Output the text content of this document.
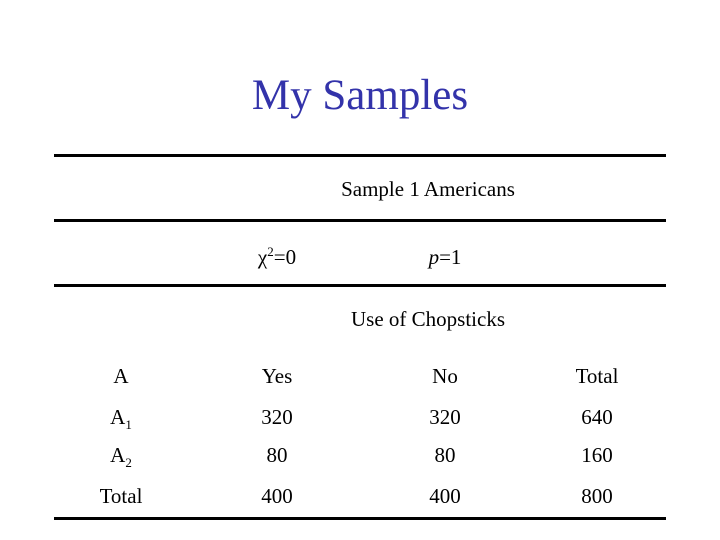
My Samples
Sample 1 Americans
$\chi^2=0$	p=1
Use of Chopsticks
A	Yes	No	Total
$A_1$	320	320	640
$A_2$	80	80	160
Total	400	400	800
